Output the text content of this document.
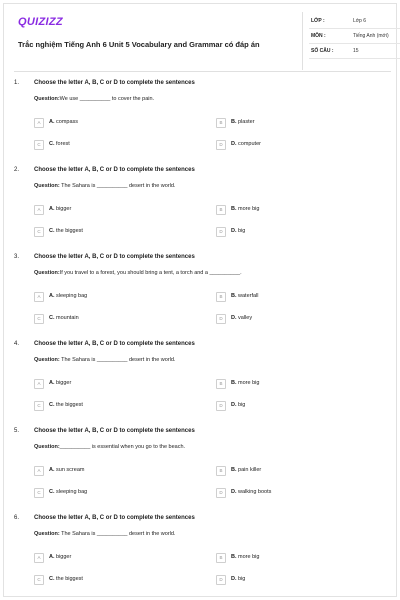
QUIZIZZ
Trắc nghiệm Tiếng Anh 6 Unit 5 Vocabulary and Grammar có đáp án
LỚP :	Lớp 6
MÔN :	Tiếng Anh (mới)
SỐ CÂU :	15
1. Choose the letter A, B, C or D to complete the sentences
Question:We use __________ to cover the pain.
A	A. compass	B	B. plaster
C	C. forest	D	D. computer
2. Choose the letter A, B, C or D to complete the sentences
Question: The Sahara is __________ desert in the world.
A	A. bigger	B	B. more big
C	C. the biggest	D	D. big
3. Choose the letter A, B, C or D to complete the sentences
Question:If you travel to a forest, you should bring a tent, a torch and a __________.
A	A. sleeping bag	B	B. waterfall
C	C. mountain	D	D. valley
4. Choose the letter A, B, C or D to complete the sentences
Question: The Sahara is __________ desert in the world.
A	A. bigger	B	B. more big
C	C. the biggest	D	D. big
5. Choose the letter A, B, C or D to complete the sentences
Question:__________ is essential when you go to the beach.
A	A. sun scream	B	B. pain killer
C	C. sleeping bag	D	D. walking boots
6. Choose the letter A, B, C or D to complete the sentences
Question: The Sahara is __________ desert in the world.
A	A. bigger	B	B. more big
C	C. the biggest	D	D. big
